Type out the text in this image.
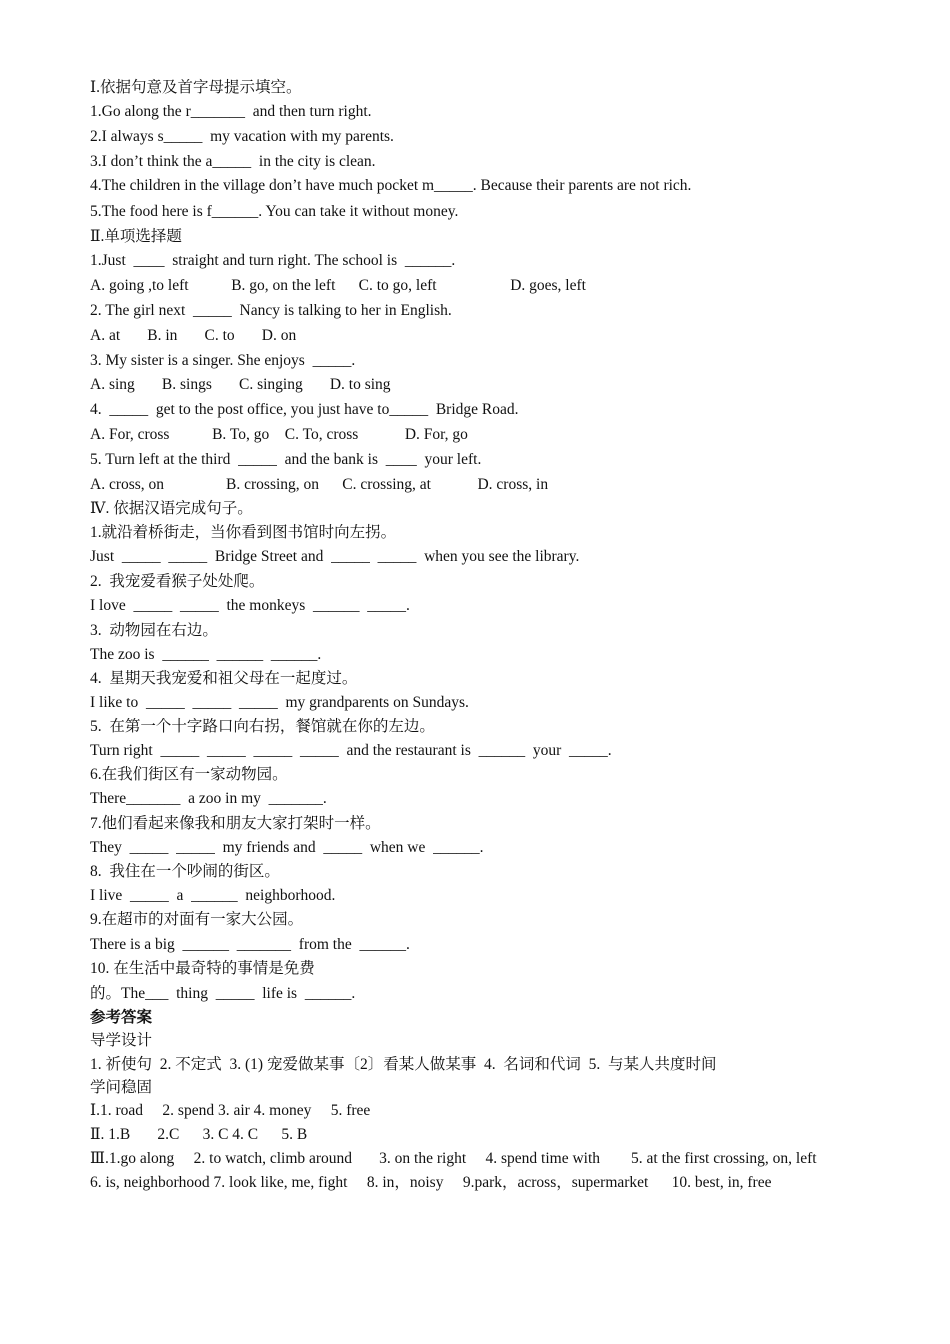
Ⅰ.依据句意及首字母提示填空。
1.Go along the r_______  and then turn right.
2.I always s_____  my vacation with my parents.
3.I don’t think the a_____  in the city is clean.
4.The children in the village don’t have much pocket m_____. Because their parents are not rich.
5.The food here is f______. You can take it without money.
Ⅱ.单项选择题
1.Just  ____  straight and turn right. The school is  ______.
A. going ,to left           B. go, on the left      C. to go, left                   D. goes, left
2. The girl next  _____  Nancy is talking to her in English.
A. at       B. in       C. to       D. on
3. My sister is a singer. She enjoys  _____.
A. sing       B. sings       C. singing       D. to sing
4.  _____  get to the post office, you just have to_____  Bridge Road.
A. For, cross           B. To, go    C. To, cross            D. For, go
5. Turn left at the third  _____  and the bank is  ____  your left.
A. cross, on                B. crossing, on      C. crossing, at            D. cross, in
Ⅳ. 依据汉语完成句子。
1.就沿着桥街走，当你看到图书馆时向左拐。
Just  _____  _____  Bridge Street and  _____  _____  when you see the library.
2.  我宠爱看猴子处处爬。
I love  _____  _____  the monkeys  ______  _____.
3.  动物园在右边。
The zoo is  ______  ______  ______.
4.  星期天我宠爱和祖父母在一起度过。
I like to  _____  _____  _____  my grandparents on Sundays.
5.  在第一个十字路口向右拐，餐馆就在你的左边。
Turn right  _____  _____  _____  _____  and the restaurant is  ______  your  _____.
6.在我们街区有一家动物园。
There_______  a zoo in my  _______.
7.他们看起来像我和朋友大家打架时一样。
They  _____  _____  my friends and  _____  when we  ______.
8.  我住在一个吵闹的街区。
I live  _____  a  ______  neighborhood.
9.在超市的对面有一家大公园。
There is a big  ______  _______  from the  ______.
10. 在生活中最奇特的事情是免费
的。The___  thing  _____  life is  ______.
参考答案
导学设计
1. 祈使句  2. 不定式  3. (1) 宠爱做某事〔2〕看某人做某事  4.  名词和代词  5.  与某人共度时间
学问稳固
Ⅰ.1. road     2. spend 3. air 4. money     5. free
Ⅱ. 1.B       2.C      3. C 4. C      5. B
Ⅲ.1.go along     2. to watch, climb around       3. on the right     4. spend time with        5. at the first crossing, on, left
6. is, neighborhood 7. look like, me, fight     8. in，noisy     9.park，across，supermarket      10. best, in, free
